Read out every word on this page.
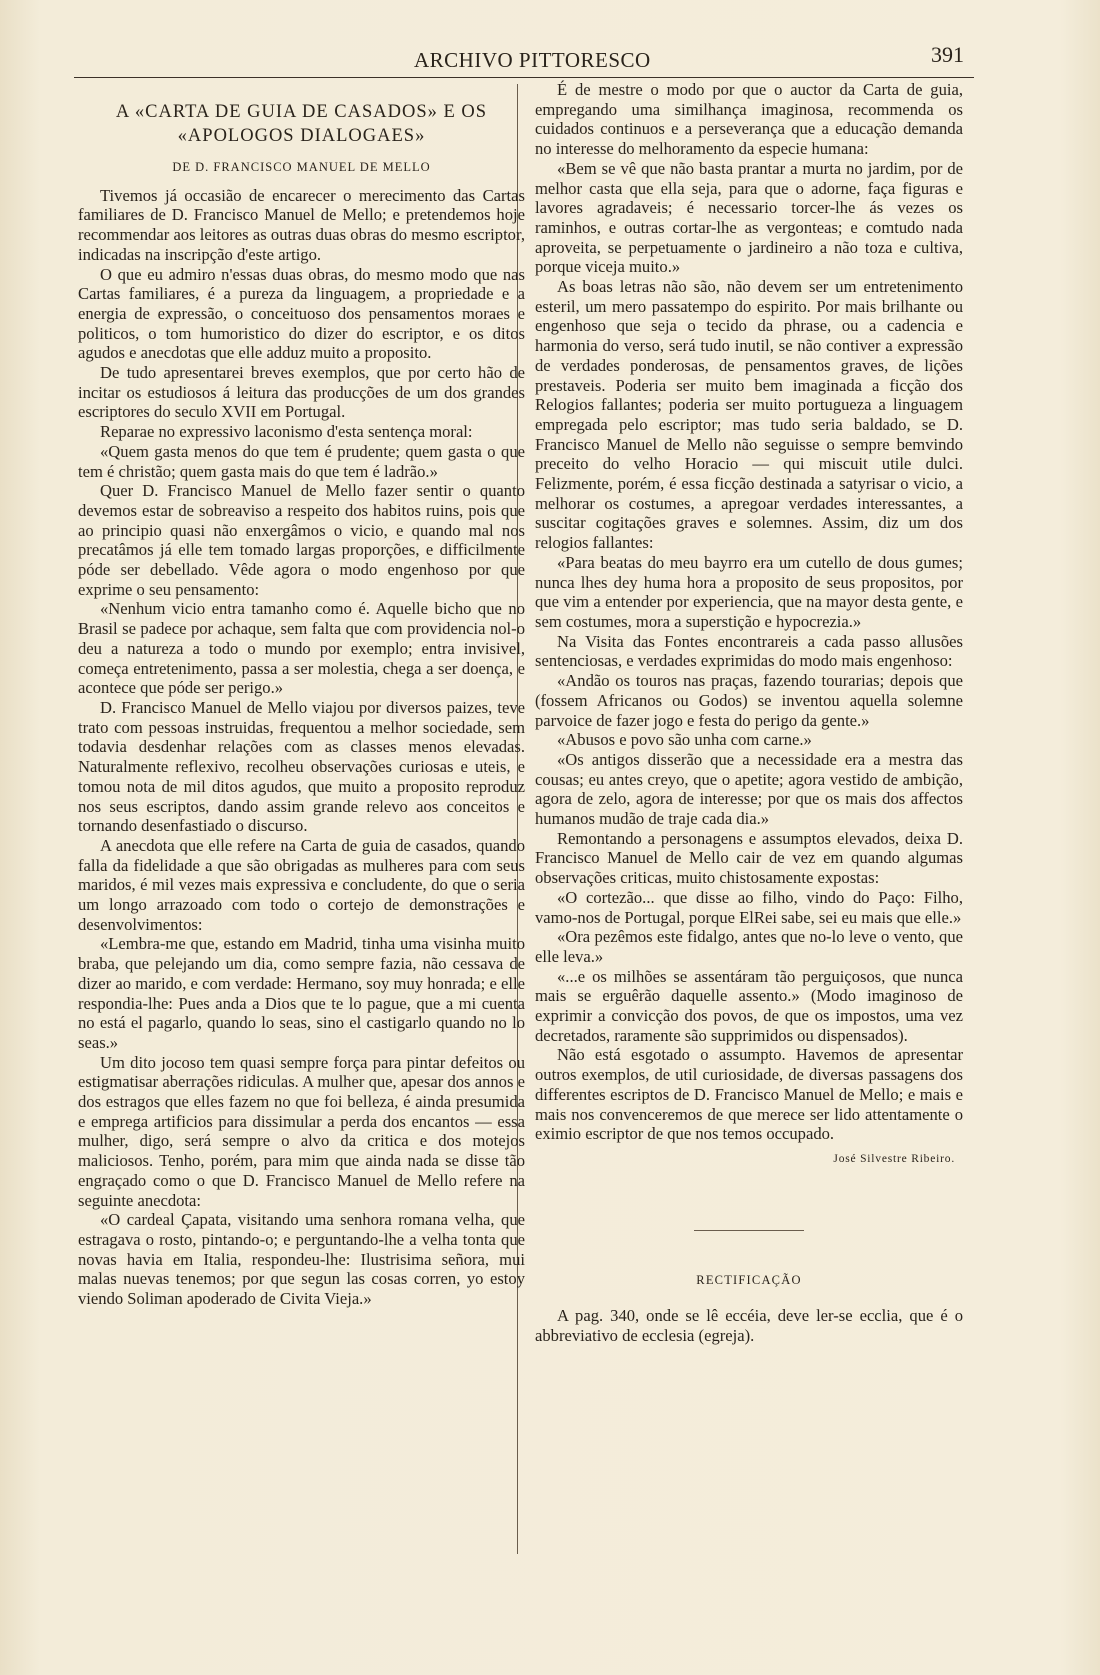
ARCHIVO PITTORESCO	391
A «CARTA DE GUIA DE CASADOS» E OS
«APOLOGOS DIALOGAES»
DE D. FRANCISCO MANUEL DE MELLO

Tivemos já occasião de encarecer o merecimento das Cartas familiares de D. Francisco Manuel de Mello; e pretendemos hoje recommendar aos leitores as outras duas obras do mesmo escriptor, indicadas na inscripção d'este artigo.

O que eu admiro n'essas duas obras, do mesmo modo que nas Cartas familiares, é a pureza da linguagem, a propriedade e a energia de expressão, o conceituoso dos pensamentos moraes e politicos, o tom humoristico do dizer do escriptor, e os ditos agudos e anecdotas que elle adduz muito a proposito.

De tudo apresentarei breves exemplos, que por certo hão de incitar os estudiosos á leitura das producções de um dos grandes escriptores do seculo XVII em Portugal.

Reparae no expressivo laconismo d'esta sentença moral:

«Quem gasta menos do que tem é prudente; quem gasta o que tem é christão; quem gasta mais do que tem é ladrão.»

Quer D. Francisco Manuel de Mello fazer sentir o quanto devemos estar de sobreaviso a respeito dos habitos ruins, pois que ao principio quasi não enxergâmos o vicio, e quando mal nos precatâmos já elle tem tomado largas proporções, e difficilmente póde ser debellado. Vêde agora o modo engenhoso por que exprime o seu pensamento:

«Nenhum vicio entra tamanho como é. Aquelle bicho que no Brasil se padece por achaque, sem falta que com providencia nol-o deu a natureza a todo o mundo por exemplo; entra invisivel, começa entretenimento, passa a ser molestia, chega a ser doença, e acontece que póde ser perigo.»

D. Francisco Manuel de Mello viajou por diversos paizes, teve trato com pessoas instruidas, frequentou a melhor sociedade, sem todavia desdenhar relações com as classes menos elevadas. Naturalmente reflexivo, recolheu observações curiosas e uteis, e tomou nota de mil ditos agudos, que muito a proposito reproduz nos seus escriptos, dando assim grande relevo aos conceitos e tornando desenfastiado o discurso.

A anecdota que elle refere na Carta de guia de casados, quando falla da fidelidade a que são obrigadas as mulheres para com seus maridos, é mil vezes mais expressiva e concludente, do que o seria um longo arrazoado com todo o cortejo de demonstrações e desenvolvimentos:

«Lembra-me que, estando em Madrid, tinha uma visinha muito braba, que pelejando um dia, como sempre fazia, não cessava de dizer ao marido, e com verdade: Hermano, soy muy honrada; e elle respondia-lhe: Pues anda a Dios que te lo pague, que a mi cuenta no está el pagarlo, quando lo seas, sino el castigarlo quando no lo seas.»

Um dito jocoso tem quasi sempre força para pintar defeitos ou estigmatisar aberrações ridiculas. A mulher que, apesar dos annos e dos estragos que elles fazem no que foi belleza, é ainda presumida e emprega artificios para dissimular a perda dos encantos — essa mulher, digo, será sempre o alvo da critica e dos motejos maliciosos. Tenho, porém, para mim que ainda nada se disse tão engraçado como o que D. Francisco Manuel de Mello refere na seguinte anecdota:

«O cardeal Çapata, visitando uma senhora romana velha, que estragava o rosto, pintando-o; e perguntando-lhe a velha tonta que novas havia em Italia, respondeu-lhe: Ilustrisima señora, mui malas nuevas tenemos; por que segun las cosas corren, yo estoy viendo Soliman apoderado de Civita Vieja.»

É de mestre o modo por que o auctor da Carta de guia, empregando uma similhança imaginosa, recommenda os cuidados continuos e a perseverança que a educação demanda no interesse do melhoramento da especie humana:

«Bem se vê que não basta prantar a murta no jardim, por de melhor casta que ella seja, para que o adorne, faça figuras e lavores agradaveis; é necessario torcer-lhe ás vezes os raminhos, e outras cortar-lhe as vergonteas; e comtudo nada aproveita, se perpetuamente o jardineiro a não toza e cultiva, porque viceja muito.»

As boas letras não são, não devem ser um entretenimento esteril, um mero passatempo do espirito. Por mais brilhante ou engenhoso que seja o tecido da phrase, ou a cadencia e harmonia do verso, será tudo inutil, se não contiver a expressão de verdades ponderosas, de pensamentos graves, de lições prestaveis. Poderia ser muito bem imaginada a ficção dos Relogios fallantes; poderia ser muito portugueza a linguagem empregada pelo escriptor; mas tudo seria baldado, se D. Francisco Manuel de Mello não seguisse o sempre bemvindo preceito do velho Horacio — qui miscuit utile dulci. Felizmente, porém, é essa ficção destinada a satyrisar o vicio, a melhorar os costumes, a apregoar verdades interessantes, a suscitar cogitações graves e solemnes. Assim, diz um dos relogios fallantes:

«Para beatas do meu bayrro era um cutello de dous gumes; nunca lhes dey huma hora a proposito de seus propositos, por que vim a entender por experiencia, que na mayor desta gente, e sem costumes, mora a superstição e hypocrezia.»

Na Visita das Fontes encontrareis a cada passo allusões sentenciosas, e verdades exprimidas do modo mais engenhoso:

«Andão os touros nas praças, fazendo tourarias; depois que (fossem Africanos ou Godos) se inventou aquella solemne parvoice de fazer jogo e festa do perigo da gente.»

«Abusos e povo são unha com carne.»

«Os antigos disserão que a necessidade era a mestra das cousas; eu antes creyo, que o apetite; agora vestido de ambição, agora de zelo, agora de interesse; por que os mais dos affectos humanos mudão de traje cada dia.»

Remontando a personagens e assumptos elevados, deixa D. Francisco Manuel de Mello cair de vez em quando algumas observações criticas, muito chistosamente expostas:

«O cortezão... que disse ao filho, vindo do Paço: Filho, vamo-nos de Portugal, porque ElRei sabe, sei eu mais que elle.»

«Ora pezêmos este fidalgo, antes que no-lo leve o vento, que elle leva.»

«...e os milhões se assentáram tão perguiçosos, que nunca mais se erguêrão daquelle assento.» (Modo imaginoso de exprimir a convicção dos povos, de que os impostos, uma vez decretados, raramente são supprimidos ou dispensados).

Não está esgotado o assumpto. Havemos de apresentar outros exemplos, de util curiosidade, de diversas passagens dos differentes escriptos de D. Francisco Manuel de Mello; e mais e mais nos convenceremos de que merece ser lido attentamente o eximio escriptor de que nos temos occupado.

José Silvestre Ribeiro.
RECTIFICAÇÃO

A pag. 340, onde se lê eccéia, deve ler-se ecclia, que é o abbreviativo de ecclesia (egreja).
